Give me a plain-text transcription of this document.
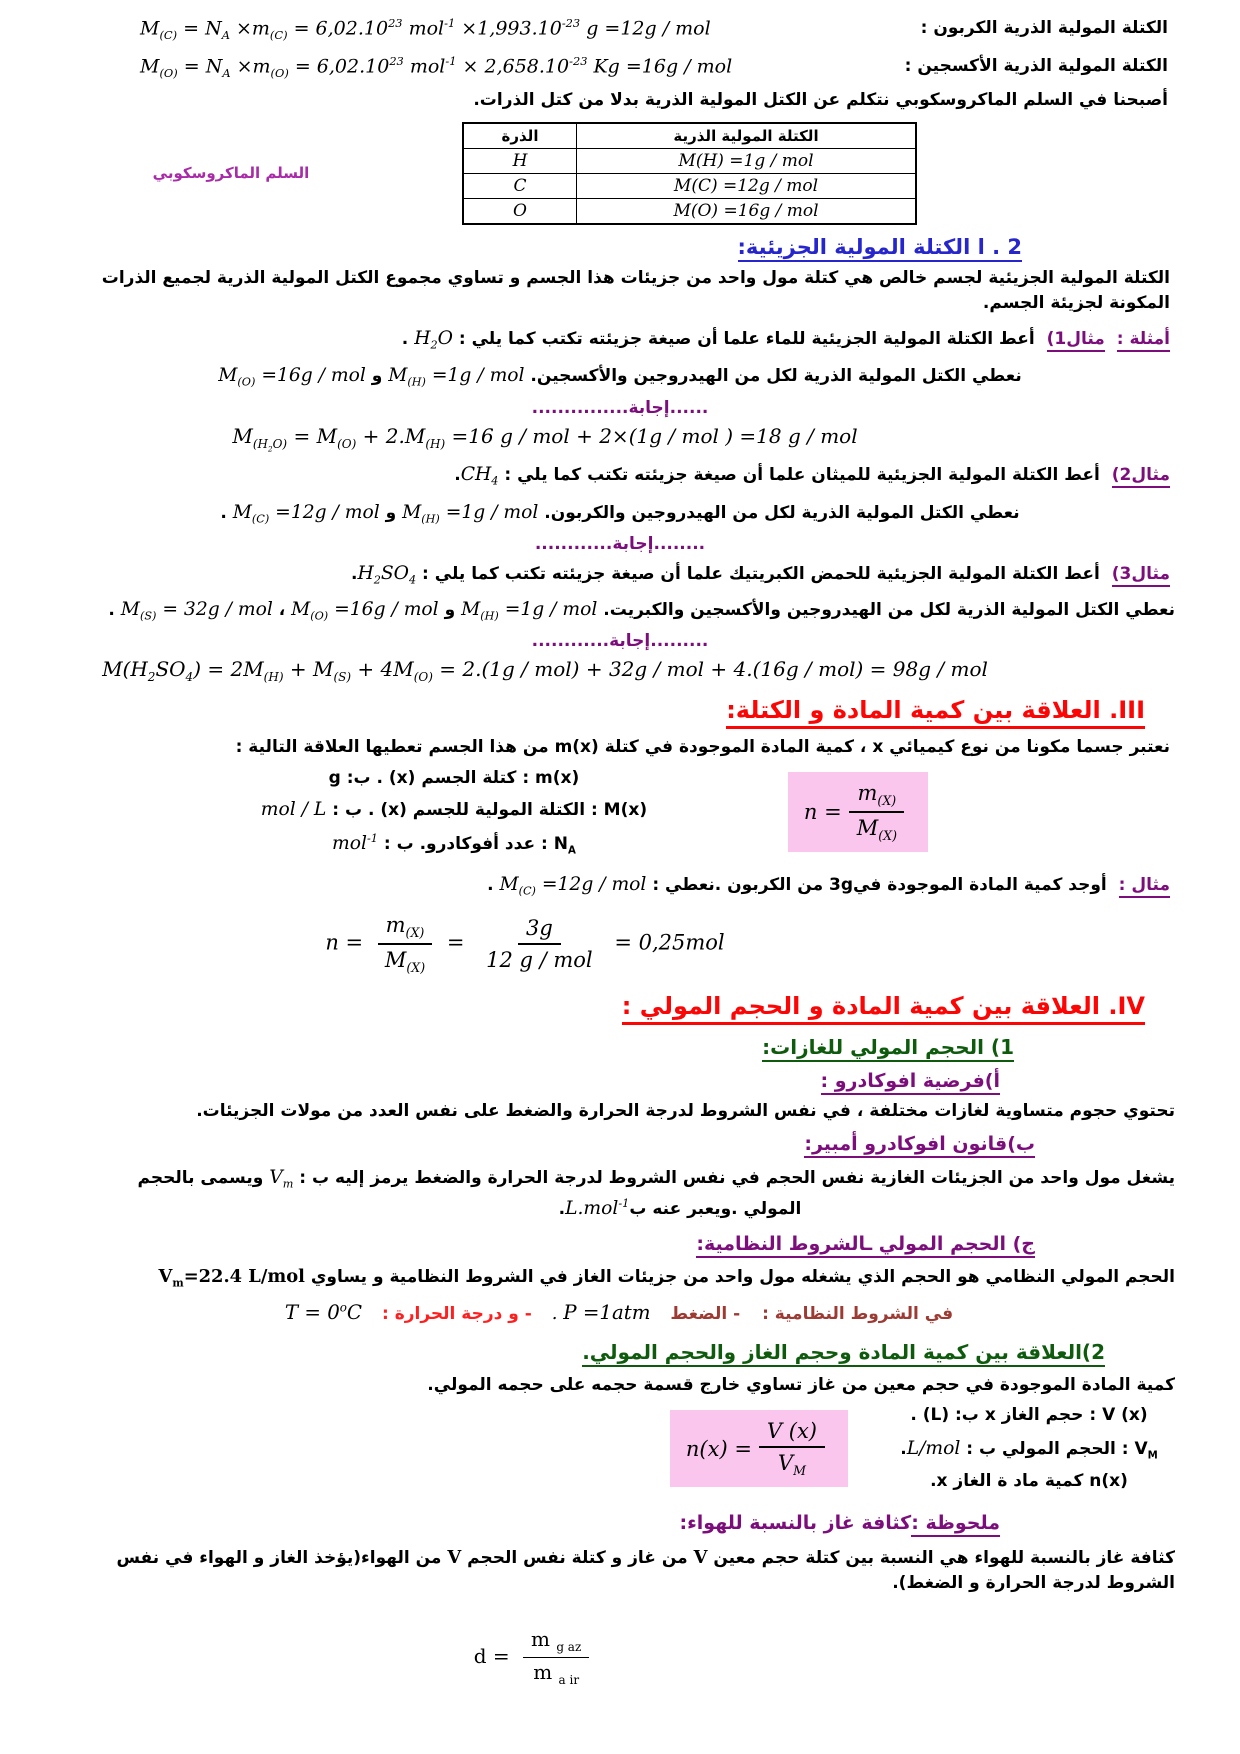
$M_{(C)} = N_A \times m_{(C)} = 6,02.10^{23}$ $mol^{-1} \times 1,993.10^{-23}$ g =12g / mol	الكتلة المولية الذرية الكربون :
$M_{(O)} = N_A \times m_{(O)} = 6,02.10^{23}$ $mol^{-1} \times 2,658.10^{-23}$ Kg =16g / mol	الكتلة المولية الذرية الأكسجين :
أصبحنا في السلم الماكروسكوبي نتكلم عن الكتل المولية الذرية بدلا من كتل الذرات.
السلم الماكروسكوبي
الذرة	الكتلة المولية الذرية
H	M(H) =1g / mol
C	M(C) =12g / mol
O	M(O) =16g / mol
2 . ا الكتلة المولية الجزيئية:
الكتلة المولية الجزيئية لجسم خالص هي كتلة مول واحد من جزيئات هذا الجسم و تساوي مجموع الكتل المولية الذرية لجميع الذرات المكونة لجزيئة الجسم.
أمثلة : مثال1) أعط الكتلة المولية الجزيئية للماء علما أن صيغة جزيئته تكتب كما يلي : $H_2O$ .
نعطي الكتل المولية الذرية لكل من الهيدروجين والأكسجين. $M_{(H)} =1g$ / mol و $M_{(O)} =16g$ / mol
......إجابة...............
$M_{(H_2O)} = M_{(O)} + 2.M_{(H)} =16$ g / mol + 2×(1g / mol ) =18 g / mol
مثال2) أعط الكتلة المولية الجزيئية للميثان علما أن صيغة جزيئته تكتب كما يلي : $CH_4$.
نعطي الكتل المولية الذرية لكل من الهيدروجين والكربون. $M_{(H)} =1g$ / mol و $M_{(C)} =12g$ / mol .
........إجابة............
مثال3) أعط الكتلة المولية الجزيئية للحمض الكبريتيك علما أن صيغة جزيئته تكتب كما يلي : $H_2SO_4$.
نعطي الكتل المولية الذرية لكل من الهيدروجين والأكسجين والكبريت. $M_{(H)} =1g$ / mol و $M_{(O)} =16g$ / mol ، $M_{(S)} = 32g$ / mol .
.........إجابة............
$M(H_2SO_4) = 2M_{(H)} + M_{(S)} + 4M_{(O)} = 2.(1g / mol) + 32g$ / mol + 4.(16g / mol) = 98g / mol
III. العلاقة بين كمية المادة و الكتلة:
نعتبر جسما مكونا من نوع كيميائي x ، كمية المادة الموجودة في كتلة m(x) من هذا الجسم تعطيها العلاقة التالية :
m(x) : كتلة الجسم (x) . ب: g
M(x) : الكتلة المولية للجسم (x) . ب : mol / L
$N_A$ : عدد أفوكادرو. ب : mol$^{-1}$
$n = \frac{m_{(X)}}{M_{(X)}}$
مثال : أوجد كمية المادة الموجودة في3g من الكربون .نعطي : $M_{(C)} =12g$ / mol .
$n = \frac{m_{(X)}}{M_{(X)}} = \frac{3g}{\text{12 g / mol}} = 0,25mol$
IV. العلاقة بين كمية المادة و الحجم المولي :
1) الحجم المولي للغازات:
أ)فرضية افوكادرو :
تحتوي حجوم متساوية لغازات مختلفة ، في نفس الشروط لدرجة الحرارة والضغط على نفس العدد من مولات الجزيئات.
ب)قانون افوكادرو أمبير:
يشغل مول واحد من الجزيئات الغازية نفس الحجم في نفس الشروط لدرجة الحرارة والضغط يرمز إليه ب : $V_m$ ويسمى بالحجم
المولي .ويعبر عنه بL.mol$^{-1}$.
ج) الحجم المولي ـالشروط النظامية:
الحجم المولي النظامي هو الحجم الذي يشغله مول واحد من جزيئات الغاز في الشروط النظامية و يساوي $V_m=22.4$ L/mol
في الشروط النظامية : - الضغط P =1atm . - و درجة الحرارة : $T = 0^oC$
2)العلاقة بين كمية المادة وحجم الغاز والحجم المولي.
كمية المادة الموجودة في حجم معين من غاز تساوي خارج قسمة حجمه على حجمه المولي.
$n(x) = \frac{V (x)}{V_M}$
V (x) : حجم الغاز x ب: (L) .
$V_M$ : الحجم المولي ب : L/mol.
n(x) كمية ماد ة الغاز x.
ملحوظة :كثافة غاز بالنسبة للهواء:
كثافة غاز بالنسبة للهواء هي النسبة بين كتلة حجم معين V من غاز و كتلة نفس الحجم V من الهواء(يؤخذ الغاز و الهواء في نفس الشروط لدرجة الحرارة و الضغط).
$d = \frac{m _{g az}}{m _{a ir}}$
